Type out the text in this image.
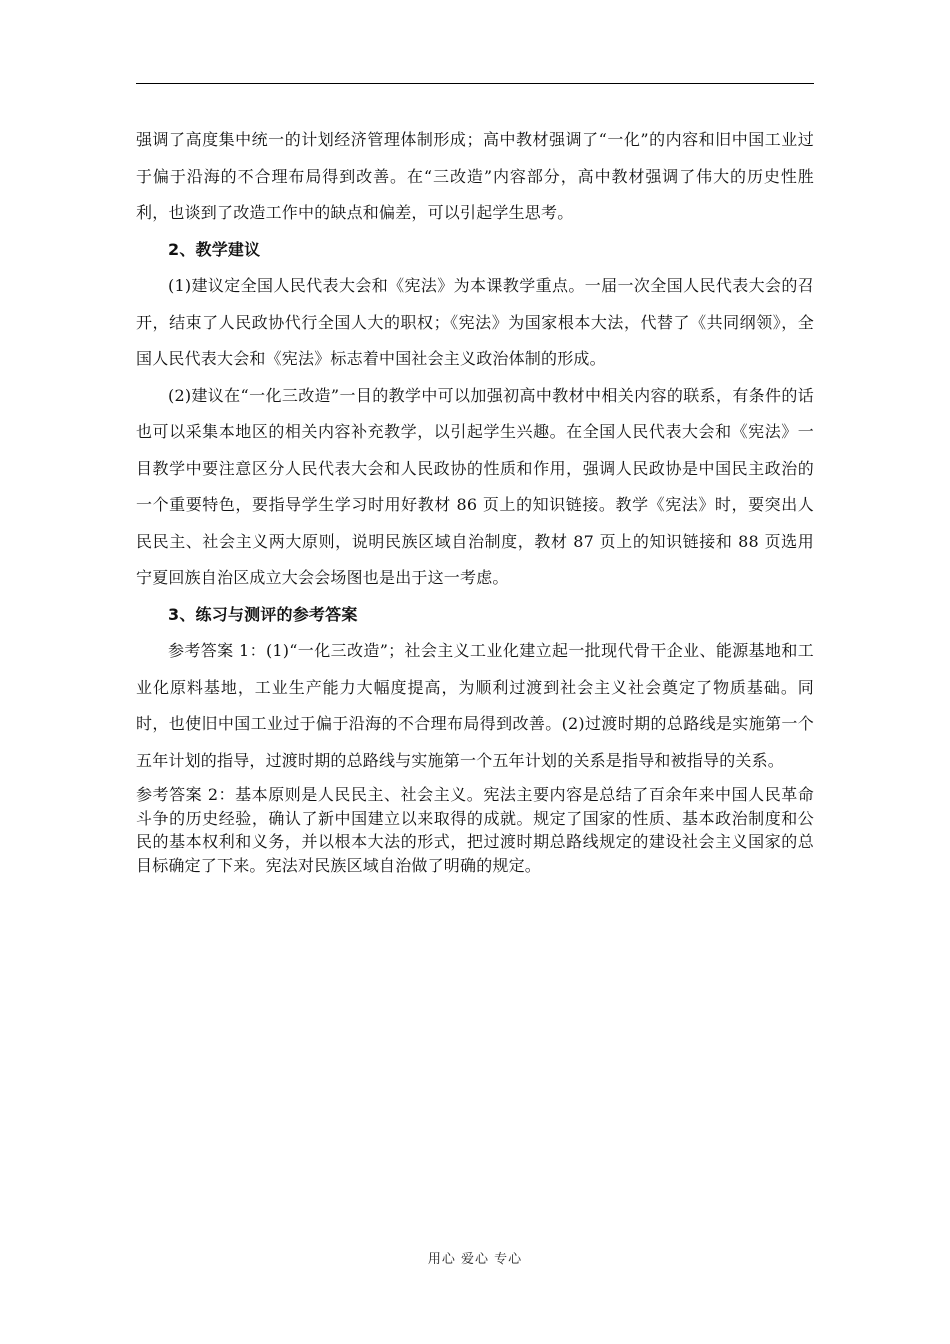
强调了高度集中统一的计划经济管理体制形成；高中教材强调了“一化”的内容和旧中国工业过于偏于沿海的不合理布局得到改善。在“三改造”内容部分，高中教材强调了伟大的历史性胜利，也谈到了改造工作中的缺点和偏差，可以引起学生思考。

2、教学建议

(1)建议定全国人民代表大会和《宪法》为本课教学重点。一届一次全国人民代表大会的召开，结束了人民政协代行全国人大的职权；《宪法》为国家根本大法，代替了《共同纲领》，全国人民代表大会和《宪法》标志着中国社会主义政治体制的形成。

(2)建议在“一化三改造”一目的教学中可以加强初高中教材中相关内容的联系，有条件的话也可以采集本地区的相关内容补充教学，以引起学生兴趣。在全国人民代表大会和《宪法》一目教学中要注意区分人民代表大会和人民政协的性质和作用，强调人民政协是中国民主政治的一个重要特色，要指导学生学习时用好教材 86 页上的知识链接。教学《宪法》时，要突出人民民主、社会主义两大原则，说明民族区域自治制度，教材 87 页上的知识链接和 88 页选用宁夏回族自治区成立大会会场图也是出于这一考虑。

3、练习与测评的参考答案

参考答案 1：(1)“一化三改造”；社会主义工业化建立起一批现代骨干企业、能源基地和工业化原料基地，工业生产能力大幅度提高，为顺利过渡到社会主义社会奠定了物质基础。同时，也使旧中国工业过于偏于沿海的不合理布局得到改善。(2)过渡时期的总路线是实施第一个五年计划的指导，过渡时期的总路线与实施第一个五年计划的关系是指导和被指导的关系。

参考答案 2：基本原则是人民民主、社会主义。宪法主要内容是总结了百余年来中国人民革命斗争的历史经验，确认了新中国建立以来取得的成就。规定了国家的性质、基本政治制度和公民的基本权利和义务，并以根本大法的形式，把过渡时期总路线规定的建设社会主义国家的总目标确定了下来。宪法对民族区域自治做了明确的规定。

用心 爱心 专心
